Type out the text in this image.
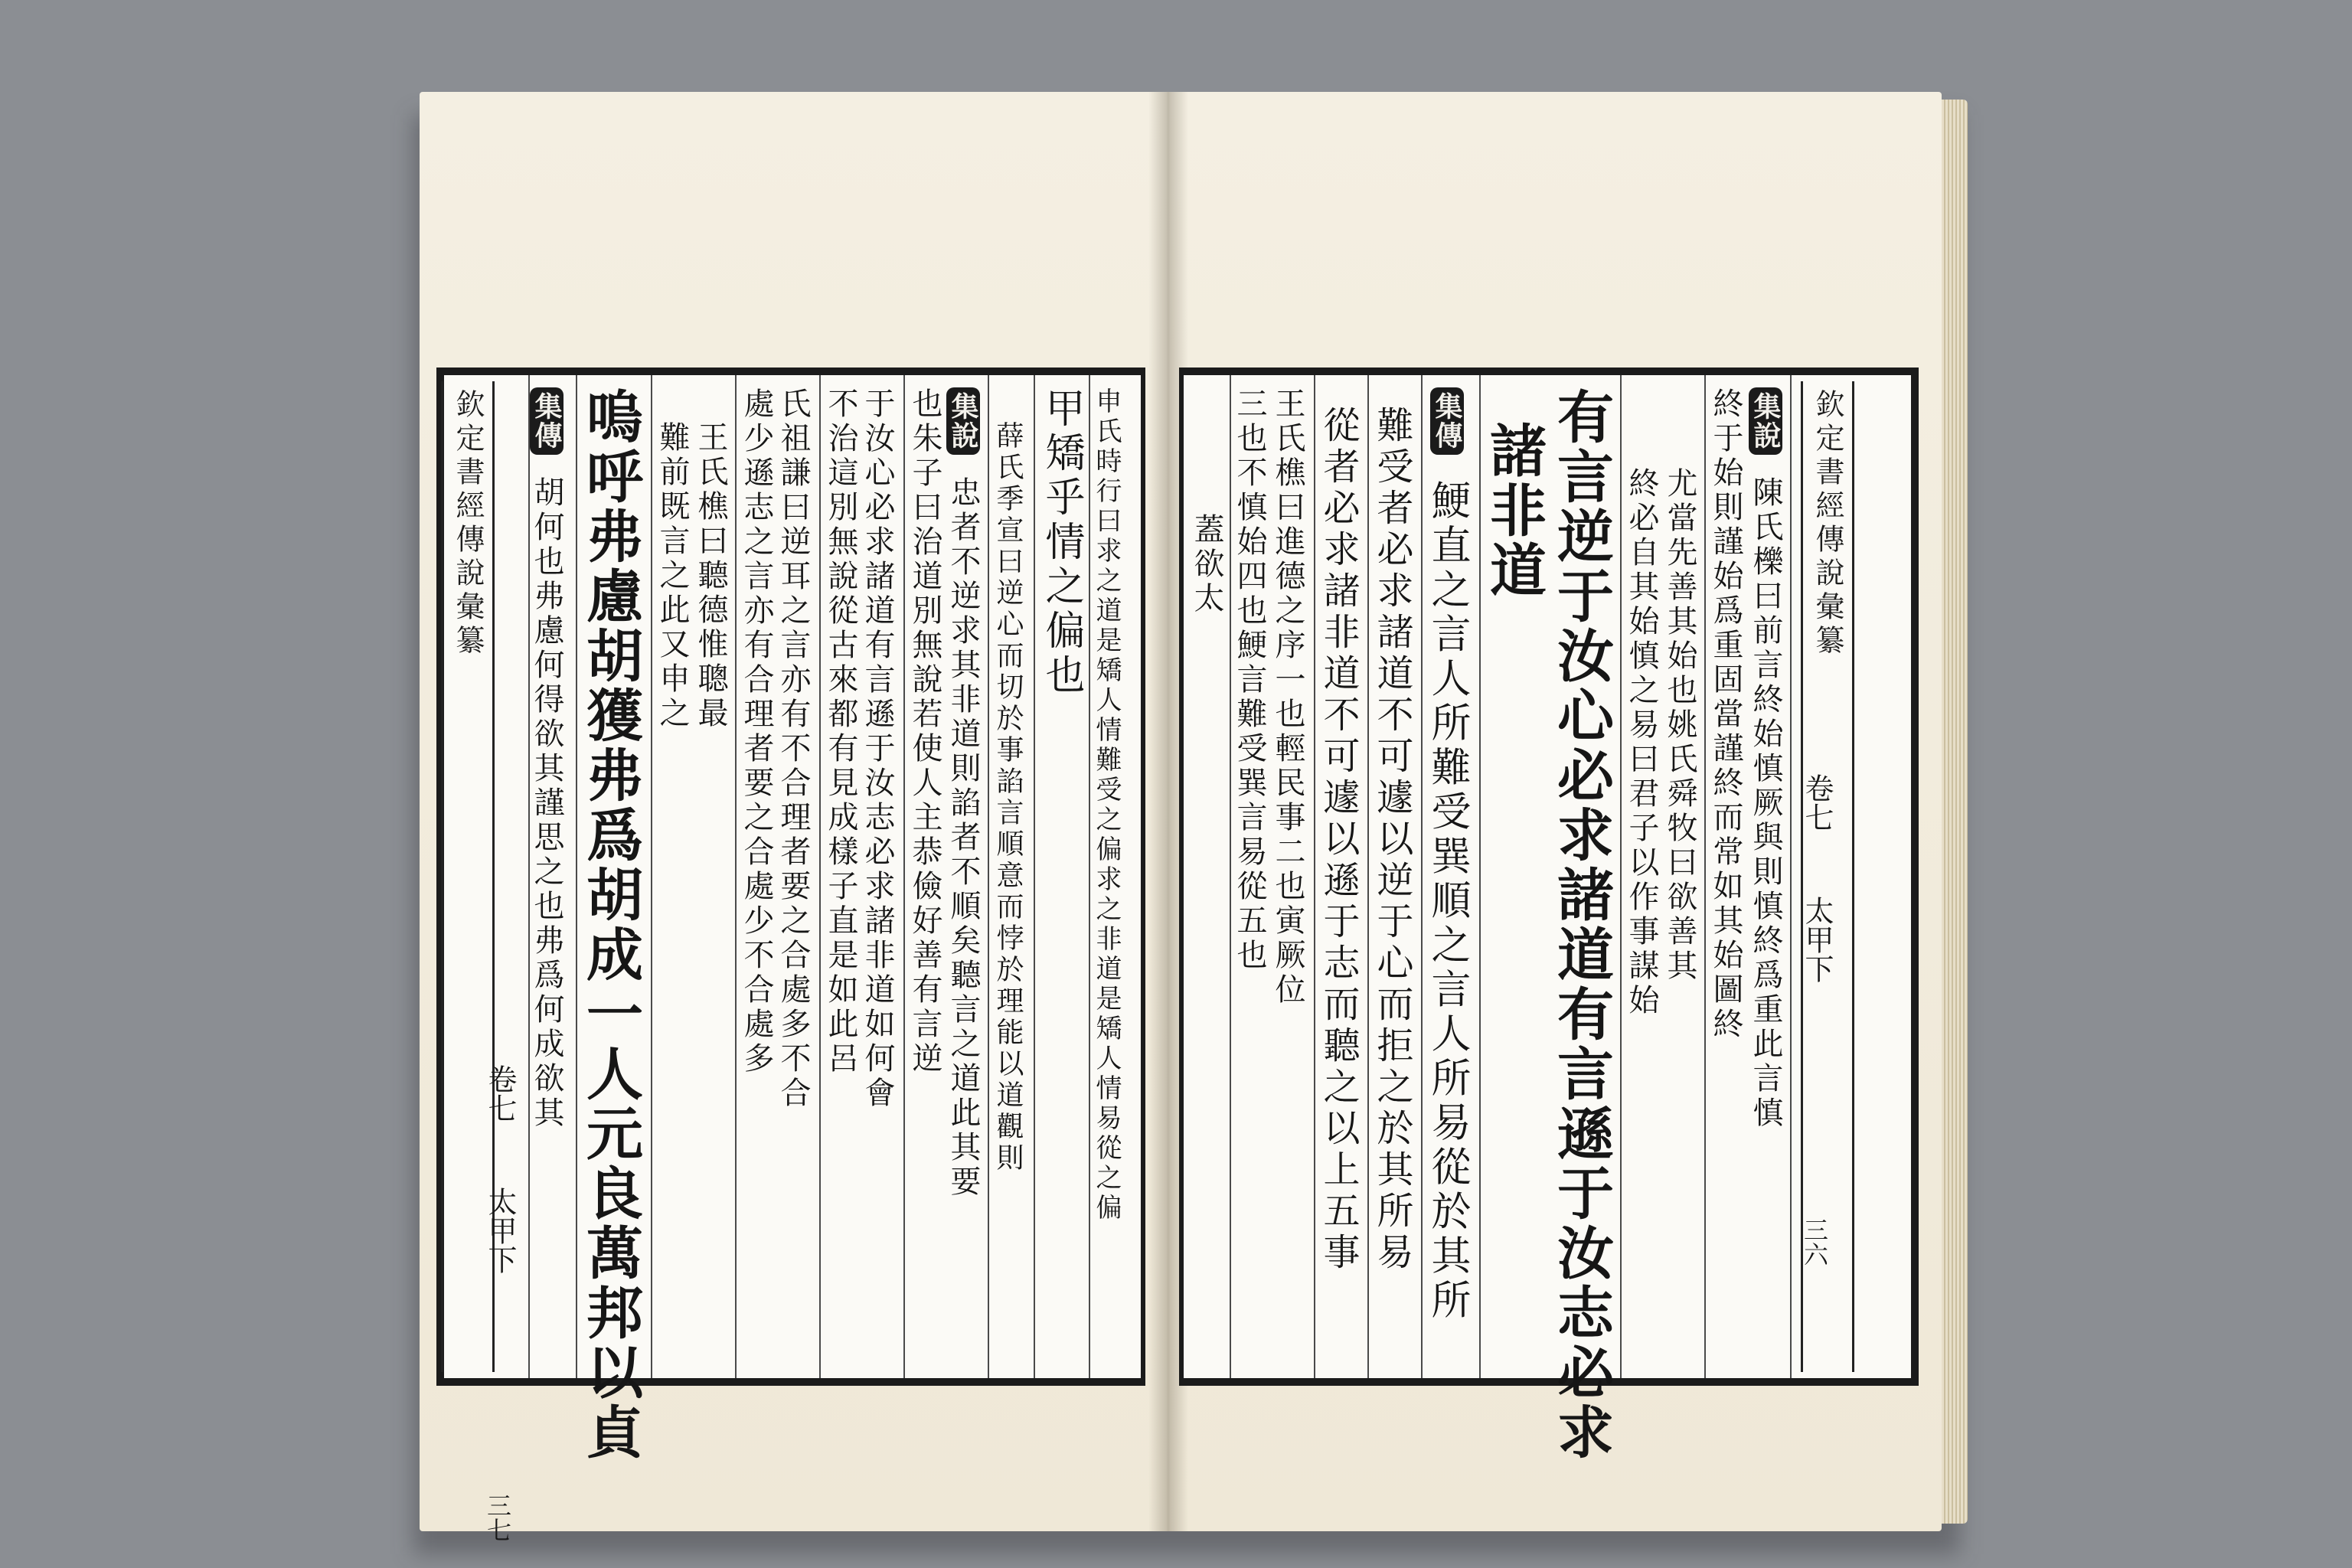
欽定書經傳說彙纂
卷七
太甲下
三七
集傳 胡何也弗慮何得欲其謹思之也弗爲何成欲其 嗚呼弗慮胡獲弗爲胡成一人元良萬邦以貞 難前既言之此又申之 王氏樵曰聽德惟聰最 處少遜志之言亦有合理者要之合處少不合處多 氏祖謙曰逆耳之言亦有不合理者要之合處多不合 不治這別無說從古來都有見成樣子直是如此呂 于汝心必求諸道有言遜于汝志必求諸非道如何會 也朱子曰治道別無說若使人主恭儉好善有言逆 集說 忠者不逆求其非道則諂者不順矣聽言之道此其要 薛氏季宣曰逆心而切於事諂言順意而悖於理能以道觀則 甲矯乎情之偏也 申氏時行曰求之道是矯人情難受之偏求之非道是矯人情易從之偏 蓋欲太 三也不慎始四也鯁言難受巽言易從五也 王氏樵曰進德之序一也輕民事二也寅厥位 從者必求諸非道不可遽以遜于志而聽之以上五事 難受者必求諸道不可遽以逆于心而拒之於其所易 集傳 鯁直之言人所難受巽順之言人所易從於其所 諸非道 有言逆于汝心必求諸道有言遜于汝志必求 終必自其始慎之易曰君子以作事謀始 尤當先善其始也姚氏舜牧曰欲善其 終于始則謹始爲重固當謹終而常如其始圖終 集說 陳氏櫟曰前言終始慎厥與則慎終爲重此言慎 欽定書經傳說彙纂
卷七
太甲下
三六
